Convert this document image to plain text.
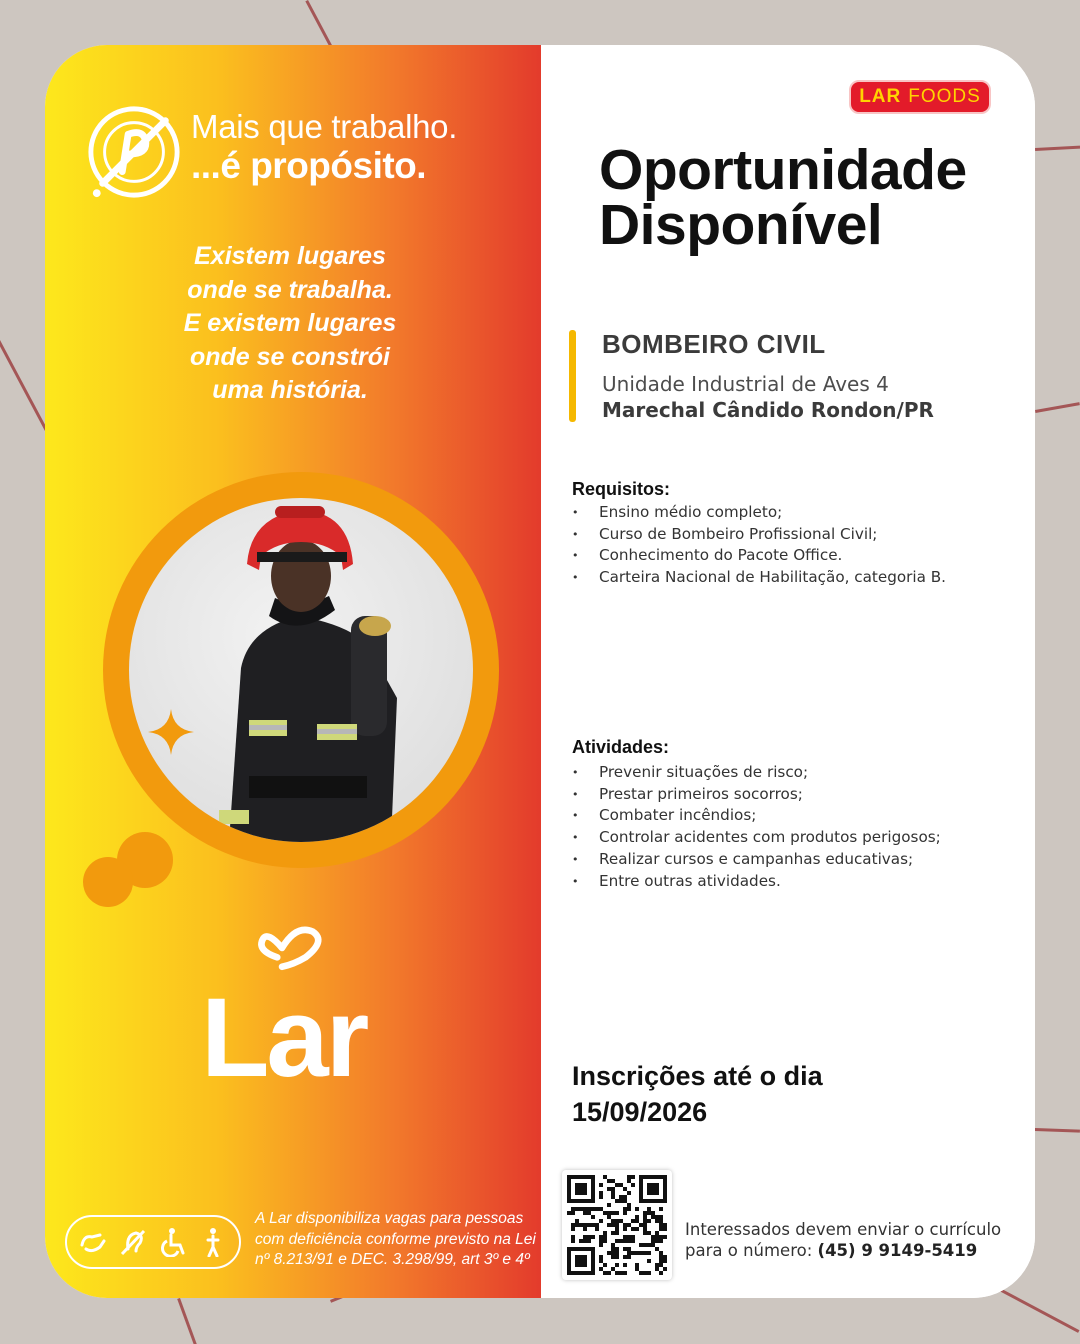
Mais que trabalho.
...é propósito.
Existem lugares
onde se trabalha.
E existem lugares
onde se constrói
uma história.
Lar
A Lar disponibiliza vagas para pessoas com deficiência conforme previsto na Lei nº 8.213/91 e DEC. 3.298/99, art 3º e 4º
LAR FOODS
Oportunidade
Disponível
BOMBEIRO CIVIL
Unidade Industrial de Aves 4
Marechal Cândido Rondon/PR
Requisitos:
• Ensino médio completo;
• Curso de Bombeiro Profissional Civil;
• Conhecimento do Pacote Office.
• Carteira Nacional de Habilitação, categoria B.
Atividades:
• Prevenir situações de risco;
• Prestar primeiros socorros;
• Combater incêndios;
• Controlar acidentes com produtos perigosos;
• Realizar cursos e campanhas educativas;
• Entre outras atividades.
Inscrições até o dia
15/09/2026
Interessados devem enviar o currículo
para o número: (45) 9 9149-5419
